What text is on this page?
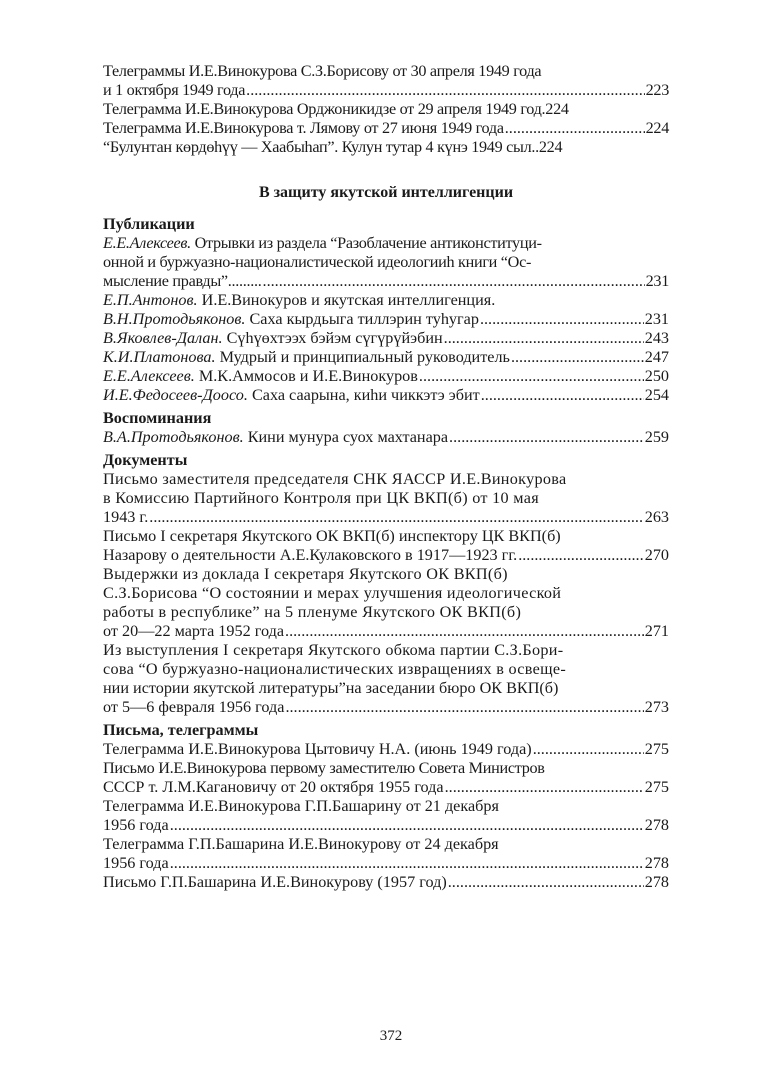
Телеграммы И.Е.Винокурова С.З.Борисову от 30 апреля 1949 года
и 1 октября 1949 года .....	223
Телеграмма И.Е.Винокурова Орджоникидзе от 29 апреля 1949 год. 224
Телеграмма И.Е.Винокурова т. Лямову от 27 июня 1949 года .....	224
“Булунтан көрдөһүү — Хаабыһап”. Кулун тутар 4 күнэ 1949 сыл.. 224
В защиту якутской интеллигенции
Публикации
Е.Е.Алексеев. Отрывки из раздела “Разоблачение антиконституци-
онной и буржуазно-националистической идеологииһ книги “Ос-
мысление правды”......... .....	231
Е.П.Антонов. И.Е.Винокуров и якутская интеллигенция.
В.Н.Протодьяконов. Саха кырдьыга тиллэрин туһугар .....	231
В.Яковлев-Далан. Сүһүөхтээх бэйэм сүгүрүйэбин .....	243
К.И.Платонова. Мудрый и принципиальный руководитель .....	247
Е.Е.Алексеев. М.К.Аммосов и И.Е.Винокуров .....	250
И.Е.Федосеев-Доосо. Саха саарына, киһи чиккэтэ эбит .....	254
Воспоминания
В.А.Протодьяконов. Кини мунура суох махтанара .....	259
Документы
Письмо заместителя председателя СНК ЯАССР И.Е.Винокурова
в Комиссию Партийного Контроля при ЦК ВКП(б) от 10 мая
1943 г. .....	263
Письмо I секретаря Якутского ОК ВКП(б) инспектору ЦК ВКП(б)
Назарову о деятельности А.Е.Кулаковского в 1917—1923 гг. .....	270
Выдержки из доклада I секретаря Якутского ОК ВКП(б)
С.З.Борисова “О состоянии и мерах улучшения идеологической
работы в республике” на 5 пленуме Якутского ОК ВКП(б)
от 20—22 марта 1952 года .....	271
Из выступления I секретаря Якутского обкома партии С.З.Бори-
сова “О буржуазно-националистических извращениях в освеще-
нии истории якутской литературы”на заседании бюро ОК ВКП(б)
от 5—6 февраля 1956 года .....	273
Письма, телеграммы
Телеграмма И.Е.Винокурова Цытовичу Н.А. (июнь 1949 года) .....	275
Письмо И.Е.Винокурова первому заместителю Совета Министров
СССР т. Л.М.Кагановичу от 20 октября 1955 года .....	275
Телеграмма И.Е.Винокурова Г.П.Башарину от 21 декабря
1956 года .....	278
Телеграмма Г.П.Башарина И.Е.Винокурову от 24 декабря
1956 года .....	278
Письмо Г.П.Башарина И.Е.Винокурову (1957 год) .....	278
372
